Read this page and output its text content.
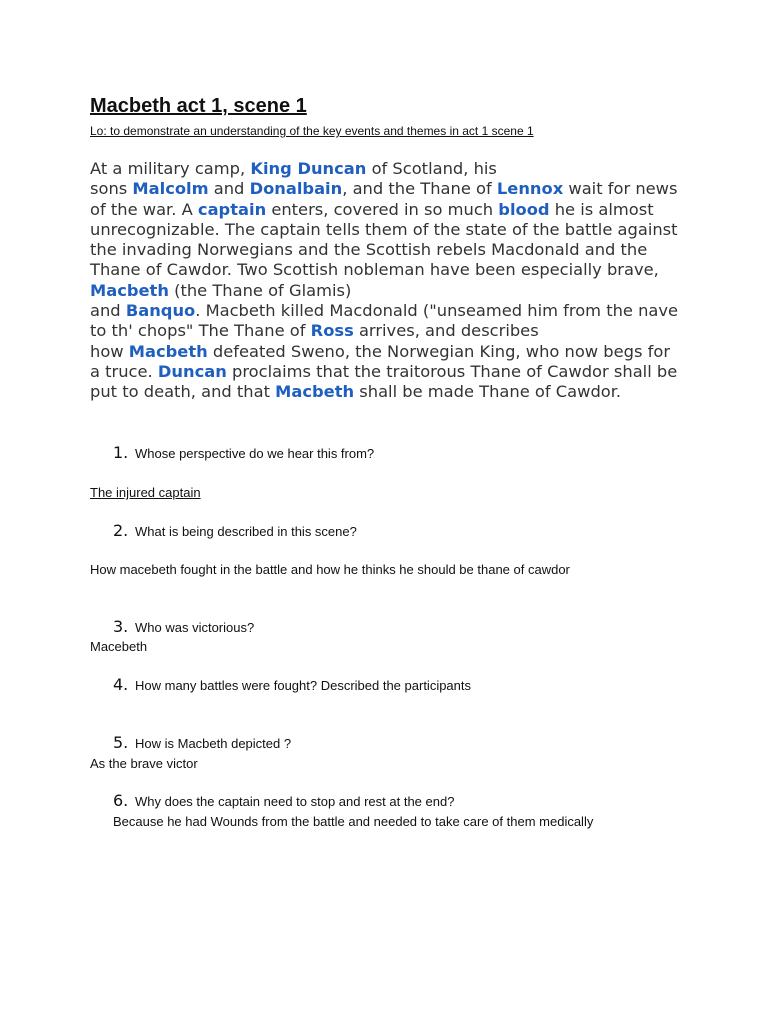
Macbeth act 1, scene 1

Lo: to demonstrate an understanding of the key events and themes in act 1 scene 1

At a military camp, King Duncan of Scotland, his
sons Malcolm and Donalbain, and the Thane of Lennox wait for news of the war. A captain enters, covered in so much blood he is almost unrecognizable. The captain tells them of the state of the battle against the invading Norwegians and the Scottish rebels Macdonald and the Thane of Cawdor. Two Scottish nobleman have been especially brave, Macbeth (the Thane of Glamis)
and Banquo. Macbeth killed Macdonald ("unseamed him from the nave to th' chops" The Thane of Ross arrives, and describes
how Macbeth defeated Sweno, the Norwegian King, who now begs for a truce. Duncan proclaims that the traitorous Thane of Cawdor shall be put to death, and that Macbeth shall be made Thane of Cawdor.

1. Whose perspective do we hear this from?

The injured captain

2. What is being described in this scene?

How macebeth fought in the battle and how he thinks he should be thane of cawdor

3. Who was victorious?

Macebeth

4. How many battles were fought? Described the participants

5. How is Macbeth depicted ?

As the brave victor

6. Why does the captain need to stop and rest at the end?

Because he had Wounds from the battle and needed to take care of them medically
